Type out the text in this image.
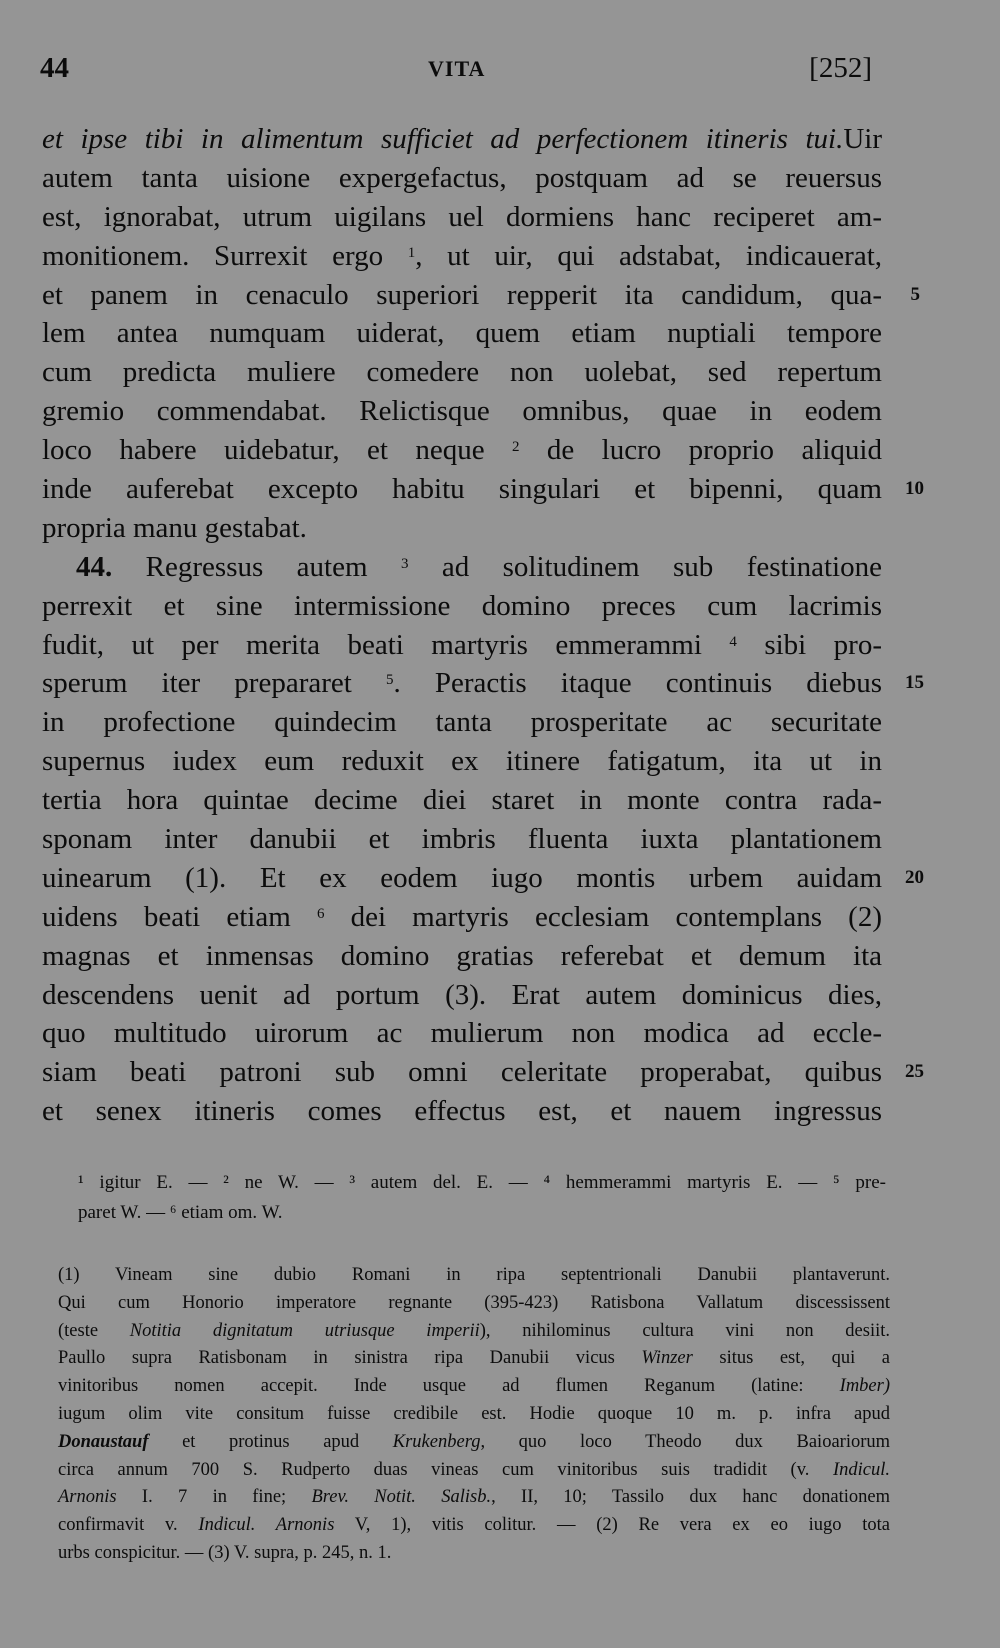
44	VITA	[252]
et ipse tibi in alimentum sufficiet ad perfectionem itineris tui.Uir
autem tanta uisione expergefactus, postquam ad se reuersus
est, ignorabat, utrum uigilans uel dormiens hanc reciperet am-
monitionem. Surrexit ergo $^1$, ut uir, qui adstabat, indicauerat,
et panem in cenaculo superiori repperit ita candidum, qua- 5
lem antea numquam uiderat, quem etiam nuptiali tempore
cum predicta muliere comedere non uolebat, sed repertum
gremio commendabat. Relictisque omnibus, quae in eodem
loco habere uidebatur, et neque $^2$ de lucro proprio aliquid
inde auferebat excepto habitu singulari et bipenni, quam 10
propria manu gestabat.
44. Regressus autem $^3$ ad solitudinem sub festinatione
perrexit et sine intermissione domino preces cum lacrimis
fudit, ut per merita beati martyris emmerammi $^4$ sibi pro-
sperum iter prepararet $^5$. Peractis itaque continuis diebus 15
in profectione quindecim tanta prosperitate ac securitate
supernus iudex eum reduxit ex itinere fatigatum, ita ut in
tertia hora quintae decime diei staret in monte contra rada-
sponam inter danubii et imbris fluenta iuxta plantationem
uinearum (1). Et ex eodem iugo montis urbem auidam 20
uidens beati etiam $^6$ dei martyris ecclesiam contemplans (2)
magnas et inmensas domino gratias referebat et demum ita
descendens uenit ad portum (3). Erat autem dominicus dies,
quo multitudo uirorum ac mulierum non modica ad eccle-
siam beati patroni sub omni celeritate properabat, quibus 25
et senex itineris comes effectus est, et nauem ingressus
¹ igitur E. — ² ne W. — ³ autem del. E. — ⁴ hemmerammi martyris E. — ⁵ pre-
paret W. — ⁶ etiam om. W.
(1) Vineam sine dubio Romani in ripa septentrionali Danubii plantaverunt.
Qui cum Honorio imperatore regnante (395-423) Ratisbona Vallatum discessissent
(teste Notitia dignitatum utriusque imperii), nihilominus cultura vini non desiit.
Paullo supra Ratisbonam in sinistra ripa Danubii vicus Winzer situs est, qui a
vinitoribus nomen accepit. Inde usque ad flumen Reganum (latine: Imber)
iugum olim vite consitum fuisse credibile est. Hodie quoque 10 m. p. infra apud
Donaustauf et protinus apud Krukenberg, quo loco Theodo dux Baioariorum
circa annum 700 S. Rudperto duas vineas cum vinitoribus suis tradidit (v. Indicul.
Arnonis I. 7 in fine; Brev. Notit. Salisb., II, 10; Tassilo dux hanc donationem
confirmavit v. Indicul. Arnonis V, 1), vitis colitur. — (2) Re vera ex eo iugo tota
urbs conspicitur. — (3) V. supra, p. 245, n. 1.
